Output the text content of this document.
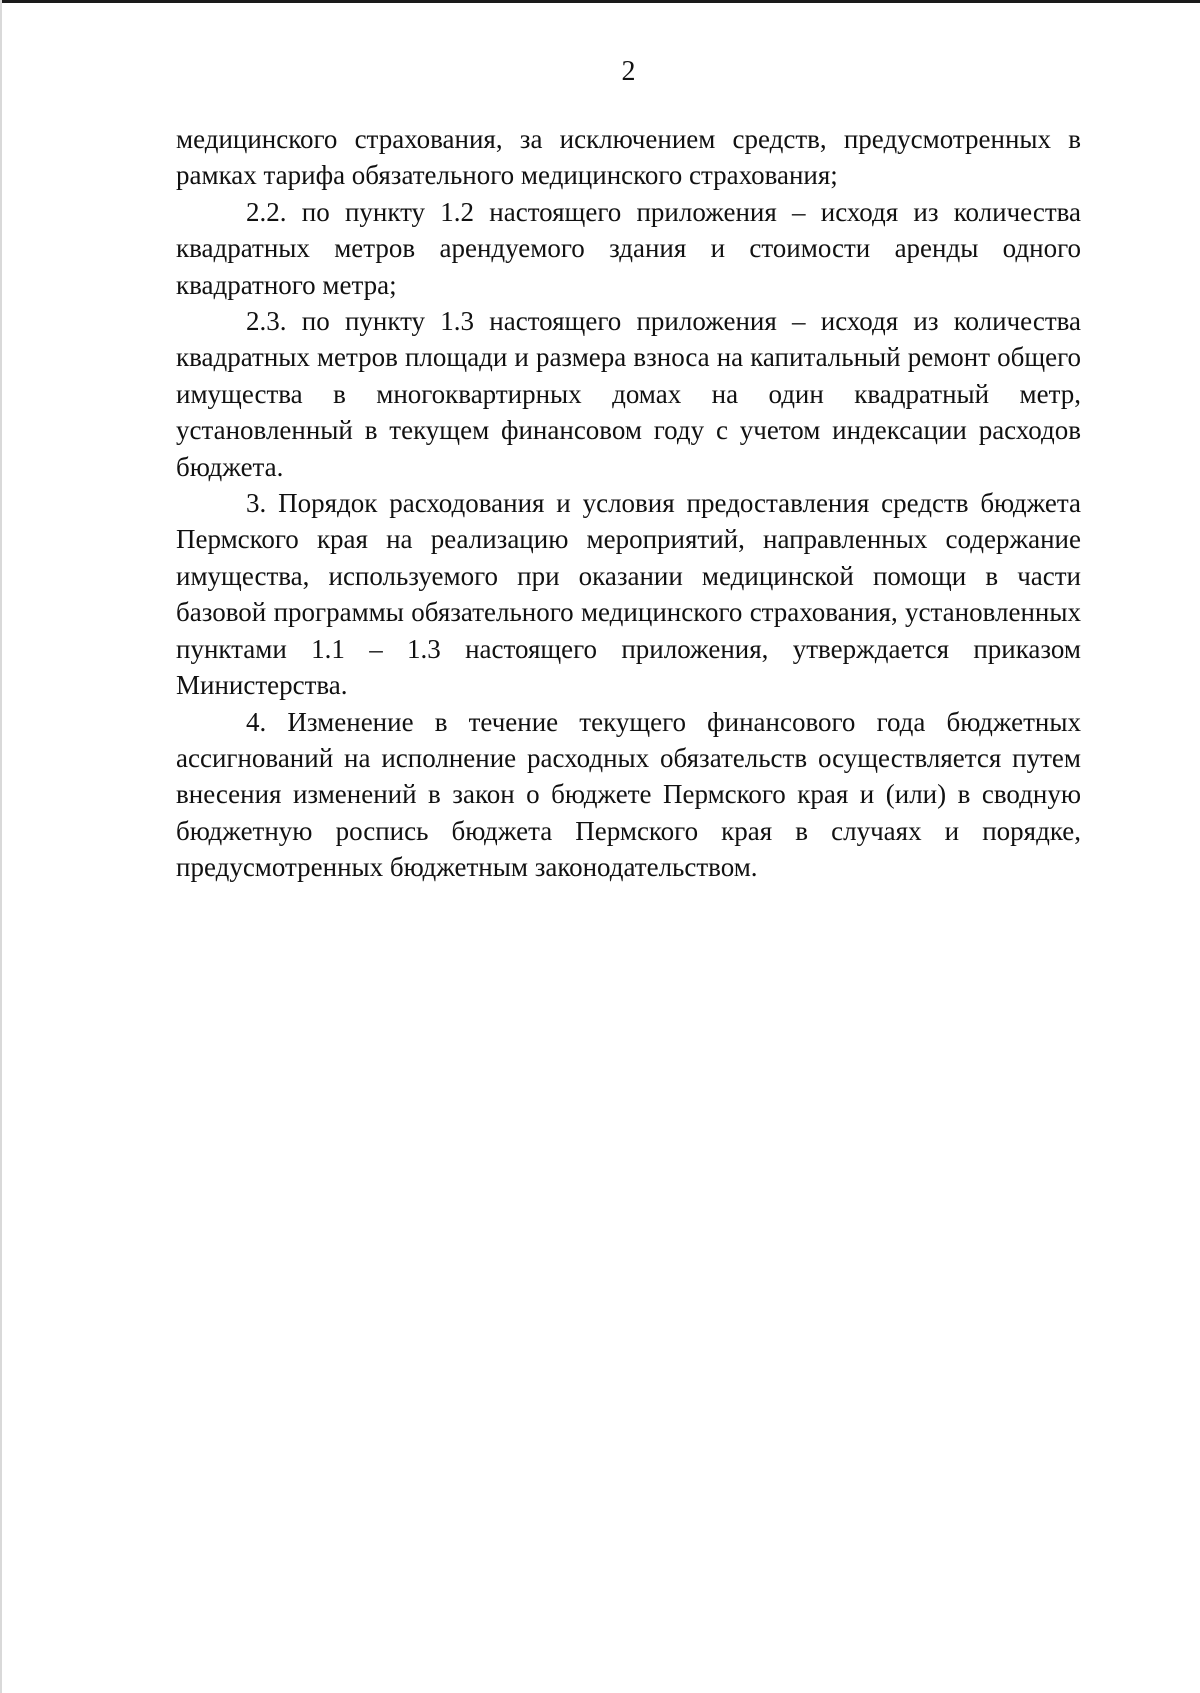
2

медицинского страхования, за исключением средств, предусмотренных в рамках тарифа обязательного медицинского страхования;

2.2. по пункту 1.2 настоящего приложения – исходя из количества квадратных метров арендуемого здания и стоимости аренды одного квадратного метра;

2.3. по пункту 1.3 настоящего приложения – исходя из количества квадратных метров площади и размера взноса на капитальный ремонт общего имущества в многоквартирных домах на один квадратный метр, установленный в текущем финансовом году с учетом индексации расходов бюджета.

3. Порядок расходования и условия предоставления средств бюджета Пермского края на реализацию мероприятий, направленных содержание имущества, используемого при оказании медицинской помощи в части базовой программы обязательного медицинского страхования, установленных пунктами 1.1 – 1.3 настоящего приложения, утверждается приказом Министерства.

4. Изменение в течение текущего финансового года бюджетных ассигнований на исполнение расходных обязательств осуществляется путем внесения изменений в закон о бюджете Пермского края и (или) в сводную бюджетную роспись бюджета Пермского края в случаях и порядке, предусмотренных бюджетным законодательством.
